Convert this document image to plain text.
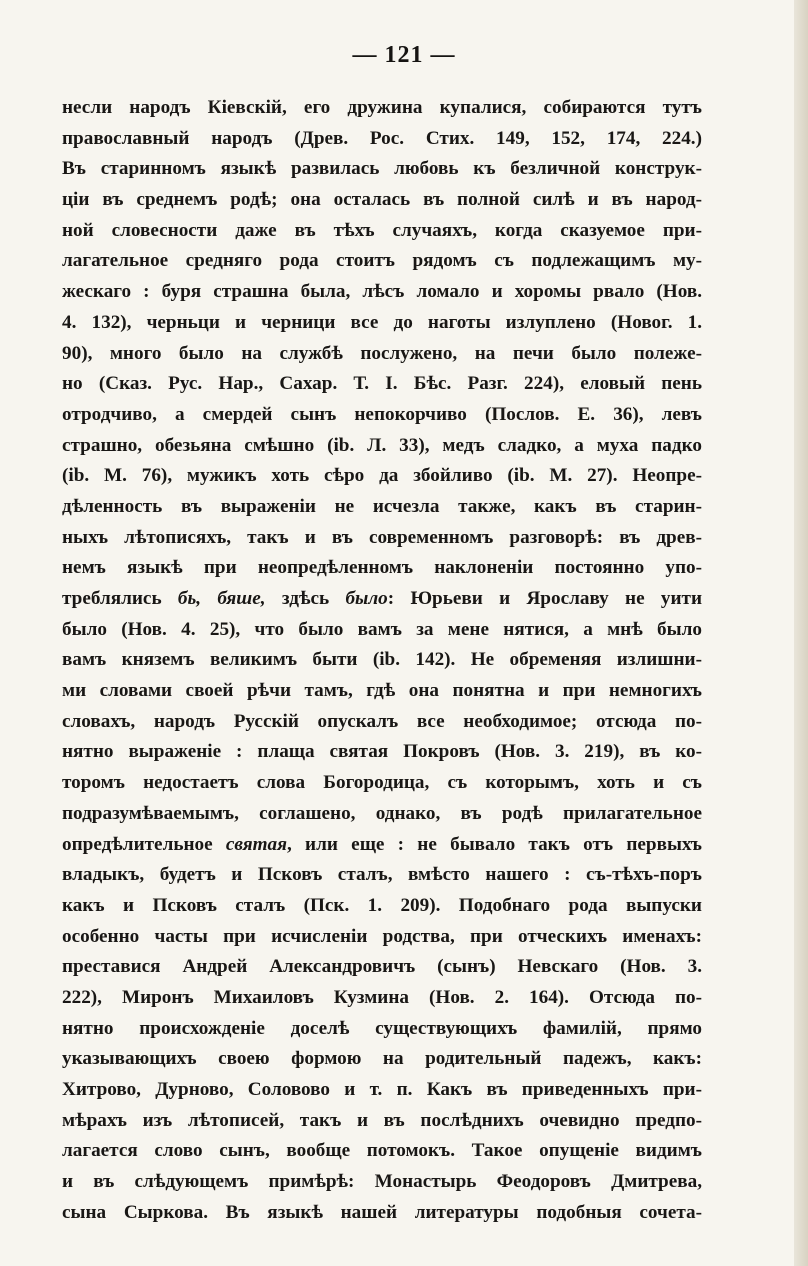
— 121 —
несли народъ Кіевскій, его дружина купалися, собираются тутъ
православный народъ (Древ. Рос. Стих. 149, 152, 174, 224.)
Въ старинномъ языкѣ развилась любовь къ безличной конструк-
ціи въ среднемъ родѣ; она осталась въ полной силѣ и въ народ-
ной словесности даже въ тѣхъ случаяхъ, когда сказуемое при-
лагательное средняго рода стоитъ рядомъ съ подлежащимъ му-
жескаго : буря страшна была, лѣсъ ломало и хоромы рвало (Нов.
4. 132), черньци и черници все до наготы излуплено (Новог. 1.
90), много было на службѣ послужено, на печи было полеже-
но (Сказ. Рус. Нар., Сахар. Т. I. Бѣс. Разг. 224), еловый пень
отродчиво, а смердей сынъ непокорчиво (Послов. Е. 36), левъ
страшно, обезьяна смѣшно (ib. Л. 33), медъ сладко, а муха падко
(ib. M. 76), мужикъ хоть сѣро да збойливо (ib. M. 27). Неопре-
дѣленность въ выраженіи не исчезла также, какъ въ старин-
ныхъ лѣтописяхъ, такъ и въ современномъ разговорѣ: въ древ-
немъ языкѣ при неопредѣленномъ наклоненіи постоянно упо-
треблялись бь, бяше, здѣсь было: Юрьеви и Ярославу не уити
было (Нов. 4. 25), что было вамъ за мене нятися, а мнѣ было
вамъ княземъ великимъ быти (ib. 142). Не обременяя излишни-
ми словами своей рѣчи тамъ, гдѣ она понятна и при немногихъ
словахъ, народъ Русскій опускалъ все необходимое; отсюда по-
нятно выраженіе : плаща святая Покровъ (Нов. 3. 219), въ ко-
торомъ недостаетъ слова Богородица, съ которымъ, хоть и съ
подразумѣваемымъ, соглашено, однако, въ родѣ прилагательное
опредѣлительное святая, или еще : не бывало такъ отъ первыхъ
владыкъ, будетъ и Псковъ сталъ, вмѣсто нашего : съ-тѣхъ-поръ
какъ и Псковъ сталъ (Пск. 1. 209). Подобнаго рода выпуски
особенно часты при исчисленіи родства, при отческихъ именахъ:
преставися Андрей Александровичъ (сынъ) Невскаго (Нов. 3.
222), Миронъ Михаиловъ Кузмина (Нов. 2. 164). Отсюда по-
нятно происхожденіе доселѣ существующихъ фамилій, прямо
указывающихъ своею формою на родительный падежъ, какъ:
Хитрово, Дурново, Соловово и т. п. Какъ въ приведенныхъ при-
мѣрахъ изъ лѣтописей, такъ и въ послѣднихъ очевидно предпо-
лагается слово сынъ, вообще потомокъ. Такое опущеніе видимъ
и въ слѣдующемъ примѣрѣ: Монастырь Феодоровъ Дмитрева,
сына Сыркова. Въ языкѣ нашей литературы подобныя сочета-
